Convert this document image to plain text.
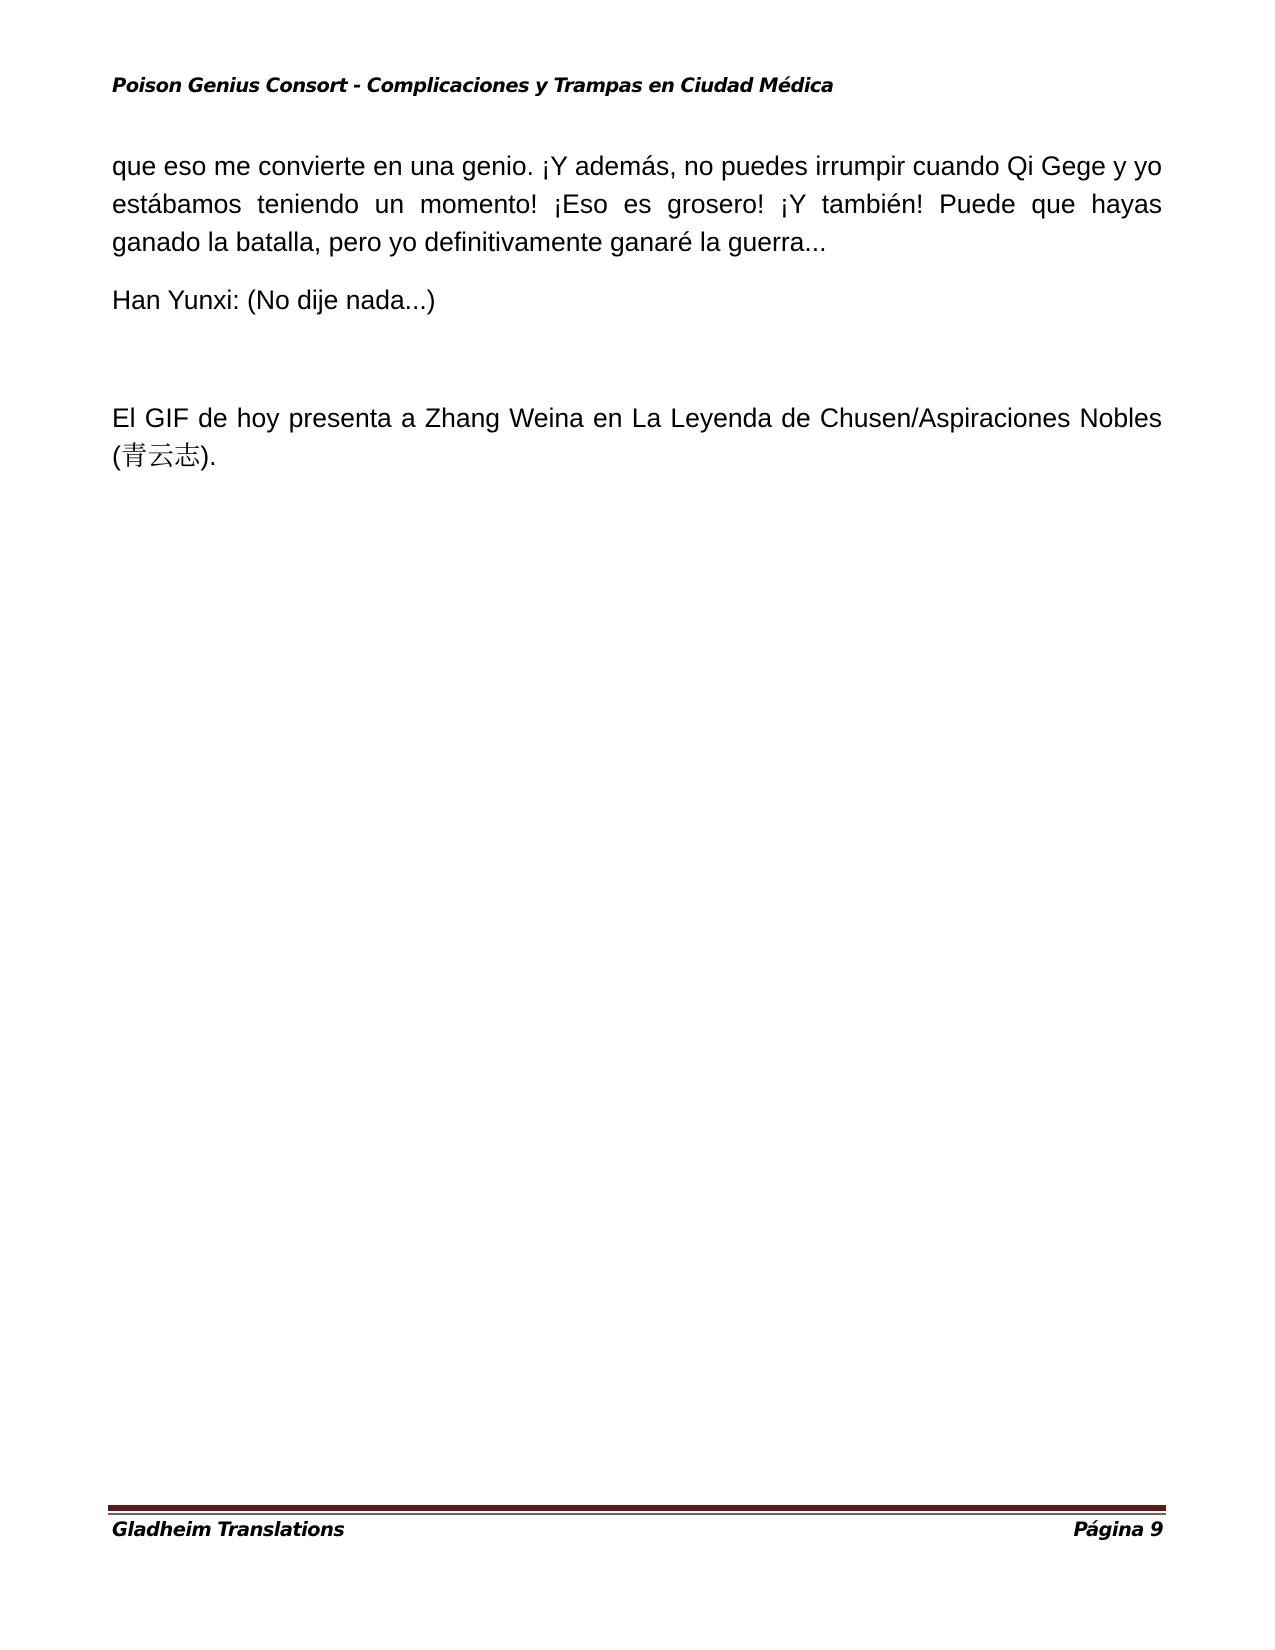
Poison Genius Consort - Complicaciones y Trampas en Ciudad Médica

que eso me convierte en una genio. ¡Y además, no puedes irrumpir cuando Qi Gege y yo estábamos teniendo un momento! ¡Eso es grosero! ¡Y también! Puede que hayas ganado la batalla, pero yo definitivamente ganaré la guerra...

Han Yunxi: (No dije nada...)

El GIF de hoy presenta a Zhang Weina en La Leyenda de Chusen/Aspiraciones Nobles (青云志).

Gladheim Translations	Página 9
